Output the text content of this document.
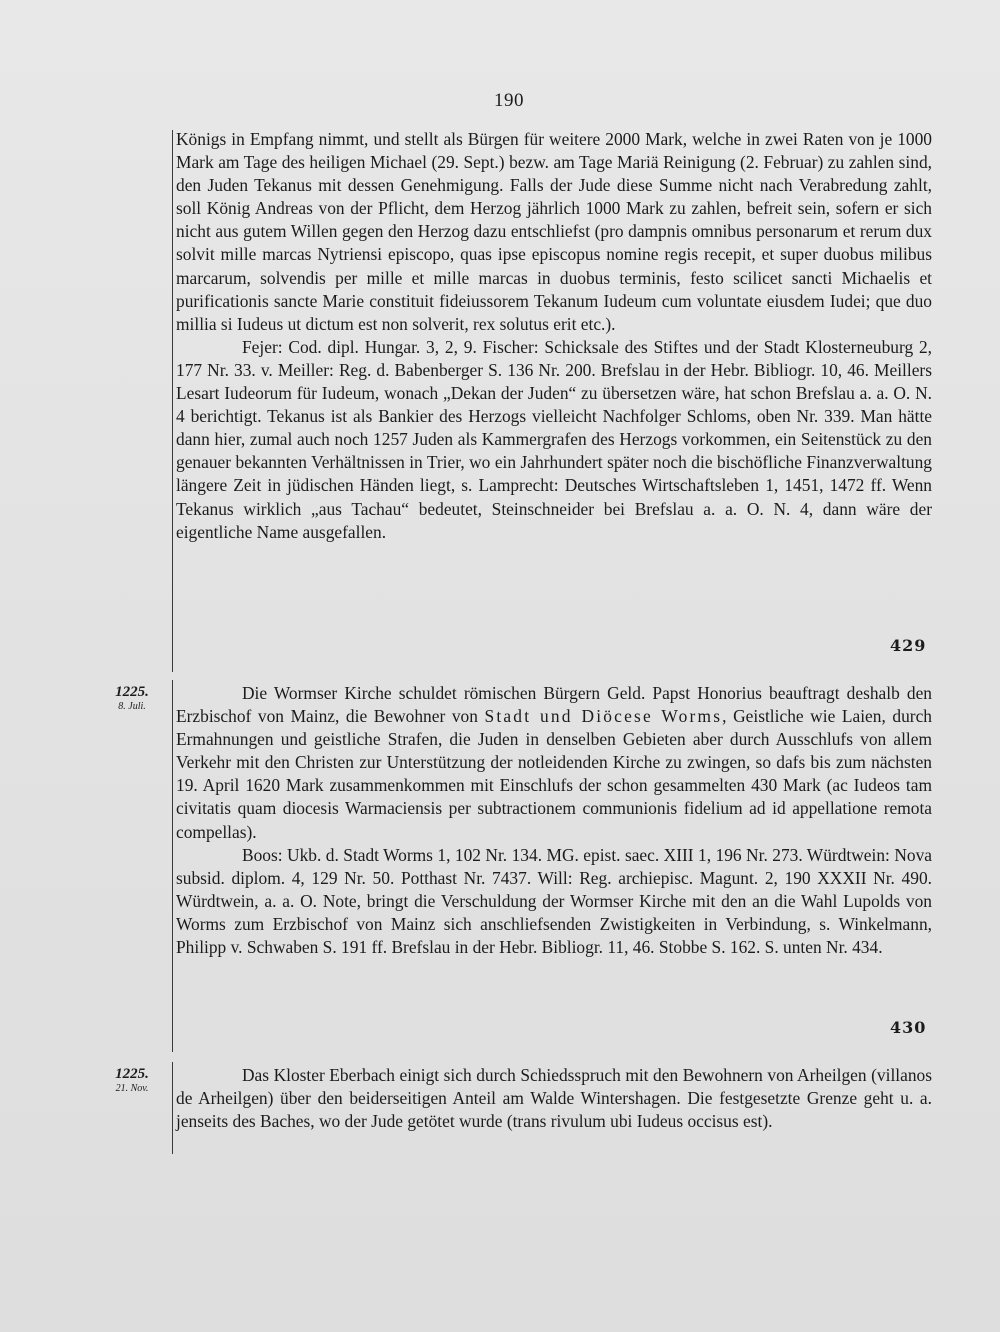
190

Königs in Empfang nimmt, und stellt als Bürgen für weitere 2000 Mark, welche in zwei Raten von je 1000 Mark am Tage des heiligen Michael (29. Sept.) bezw. am Tage Mariä Reinigung (2. Februar) zu zahlen sind, den Juden Tekanus mit dessen Genehmigung. Falls der Jude diese Summe nicht nach Verabredung zahlt, soll König Andreas von der Pflicht, dem Herzog jährlich 1000 Mark zu zahlen, befreit sein, sofern er sich nicht aus gutem Willen gegen den Herzog dazu entschliefst (pro dampnis omnibus personarum et rerum dux solvit mille marcas Nytriensi episcopo, quas ipse episcopus nomine regis recepit, et super duobus milibus marcarum, solvendis per mille et mille marcas in duobus terminis, festo scilicet sancti Michaelis et purificationis sancte Marie constituit fideiussorem Tekanum Iudeum cum voluntate eiusdem Iudei; que duo millia si Iudeus ut dictum est non solverit, rex solutus erit etc.).

Fejer: Cod. dipl. Hungar. 3, 2, 9. Fischer: Schicksale des Stiftes und der Stadt Klosterneuburg 2, 177 Nr. 33. v. Meiller: Reg. d. Babenberger S. 136 Nr. 200. Brefslau in der Hebr. Bibliogr. 10, 46. Meillers Lesart Iudeorum für Iudeum, wonach „Dekan der Juden“ zu übersetzen wäre, hat schon Brefslau a. a. O. N. 4 berichtigt. Tekanus ist als Bankier des Herzogs vielleicht Nachfolger Schloms, oben Nr. 339. Man hätte dann hier, zumal auch noch 1257 Juden als Kammergrafen des Herzogs vorkommen, ein Seitenstück zu den genauer bekannten Verhältnissen in Trier, wo ein Jahrhundert später noch die bischöfliche Finanzverwaltung längere Zeit in jüdischen Händen liegt, s. Lamprecht: Deutsches Wirtschaftsleben 1, 1451, 1472 ff. Wenn Tekanus wirklich „aus Tachau“ bedeutet, Steinschneider bei Brefslau a. a. O. N. 4, dann wäre der eigentliche Name ausgefallen.

429
1225.
8. Juli.

Die Wormser Kirche schuldet römischen Bürgern Geld. Papst Honorius beauftragt deshalb den Erzbischof von Mainz, die Bewohner von Stadt und Diöcese Worms, Geistliche wie Laien, durch Ermahnungen und geistliche Strafen, die Juden in denselben Gebieten aber durch Ausschlufs von allem Verkehr mit den Christen zur Unterstützung der notleidenden Kirche zu zwingen, so dafs bis zum nächsten 19. April 1620 Mark zusammenkommen mit Einschlufs der schon gesammelten 430 Mark (ac Iudeos tam civitatis quam diocesis Warmaciensis per subtractionem communionis fidelium ad id appellatione remota compellas).

Boos: Ukb. d. Stadt Worms 1, 102 Nr. 134. MG. epist. saec. XIII 1, 196 Nr. 273. Würdtwein: Nova subsid. diplom. 4, 129 Nr. 50. Potthast Nr. 7437. Will: Reg. archiepisc. Magunt. 2, 190 XXXII Nr. 490. Würdtwein, a. a. O. Note, bringt die Verschuldung der Wormser Kirche mit den an die Wahl Lupolds von Worms zum Erzbischof von Mainz sich anschliefsenden Zwistigkeiten in Verbindung, s. Winkelmann, Philipp v. Schwaben S. 191 ff. Brefslau in der Hebr. Bibliogr. 11, 46. Stobbe S. 162. S. unten Nr. 434.

430
1225.
21. Nov.

Das Kloster Eberbach einigt sich durch Schiedsspruch mit den Bewohnern von Arheilgen (villanos de Arheilgen) über den beiderseitigen Anteil am Walde Wintershagen. Die festgesetzte Grenze geht u. a. jenseits des Baches, wo der Jude getötet wurde (trans rivulum ubi Iudeus occisus est).
